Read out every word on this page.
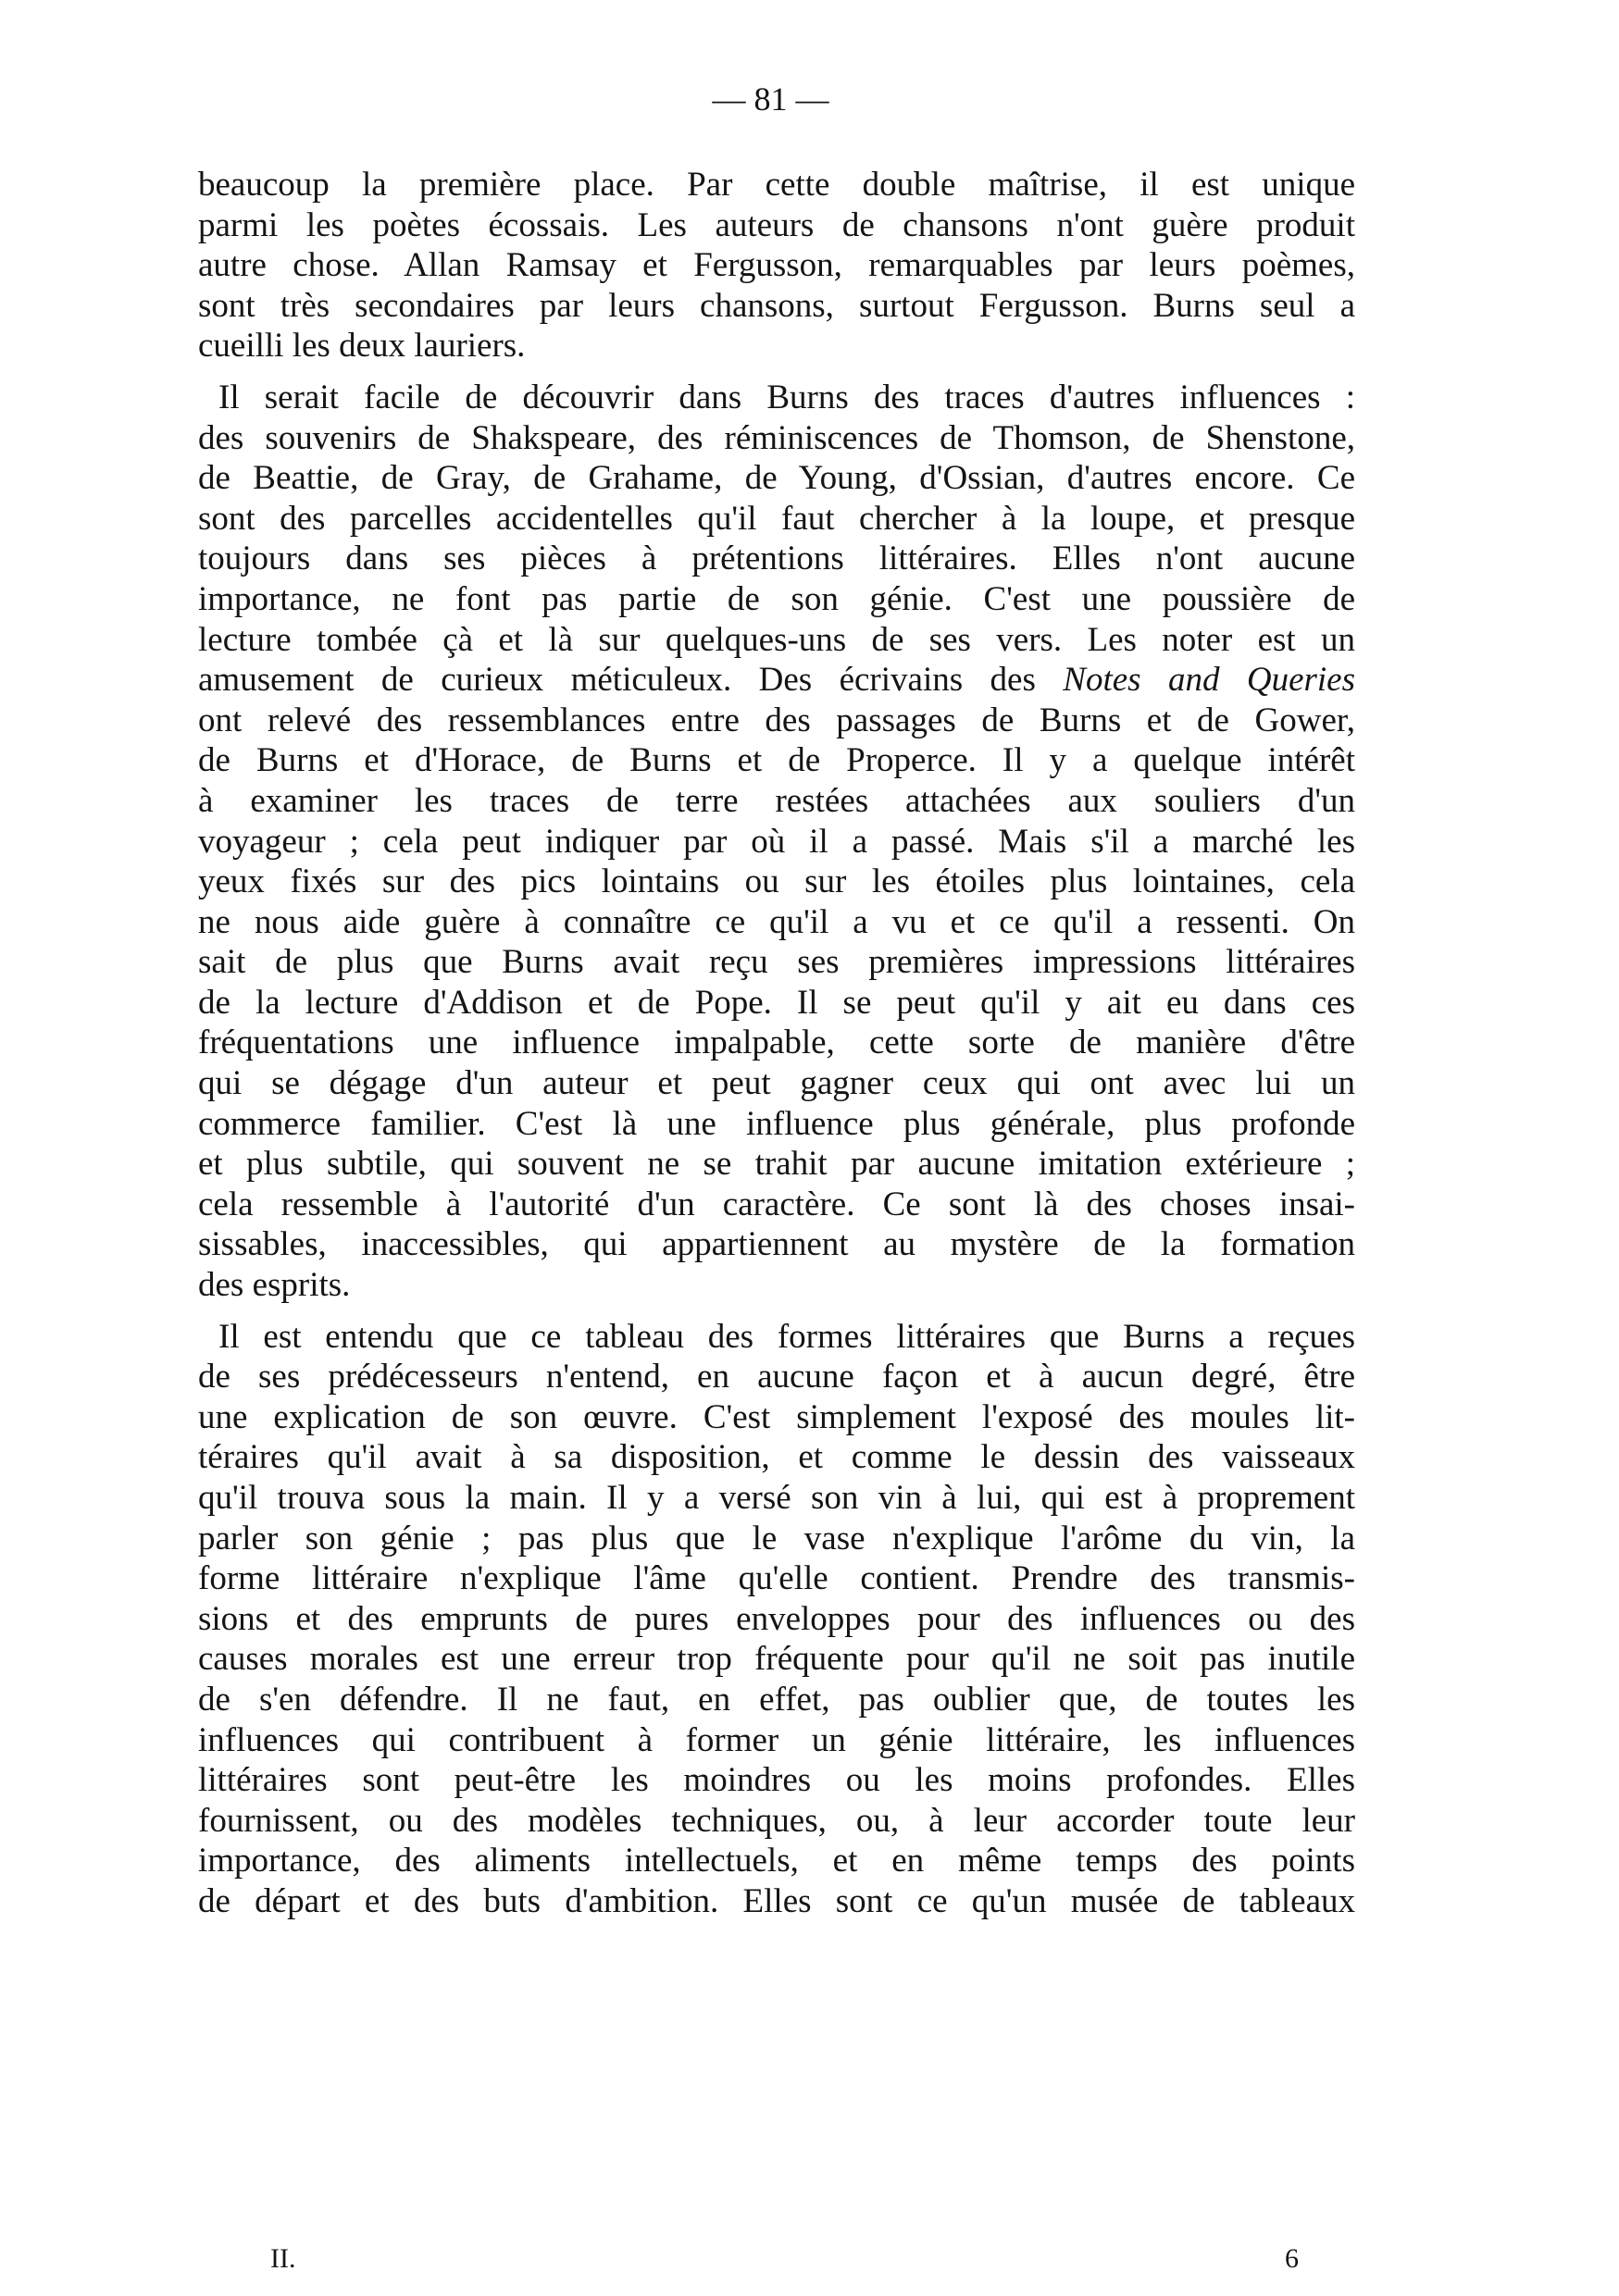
— 81 —
beaucoup la première place. Par cette double maîtrise, il est unique
parmi les poètes écossais. Les auteurs de chansons n'ont guère produit
autre chose. Allan Ramsay et Fergusson, remarquables par leurs poèmes,
sont très secondaires par leurs chansons, surtout Fergusson. Burns seul a
cueilli les deux lauriers.
Il serait facile de découvrir dans Burns des traces d'autres influences :
des souvenirs de Shakspeare, des réminiscences de Thomson, de Shenstone,
de Beattie, de Gray, de Grahame, de Young, d'Ossian, d'autres encore. Ce
sont des parcelles accidentelles qu'il faut chercher à la loupe, et presque
toujours dans ses pièces à prétentions littéraires. Elles n'ont aucune
importance, ne font pas partie de son génie. C'est une poussière de
lecture tombée çà et là sur quelques-uns de ses vers. Les noter est un
amusement de curieux méticuleux. Des écrivains des Notes and Queries
ont relevé des ressemblances entre des passages de Burns et de Gower,
de Burns et d'Horace, de Burns et de Properce. Il y a quelque intérêt
à examiner les traces de terre restées attachées aux souliers d'un
voyageur ; cela peut indiquer par où il a passé. Mais s'il a marché les
yeux fixés sur des pics lointains ou sur les étoiles plus lointaines, cela
ne nous aide guère à connaître ce qu'il a vu et ce qu'il a ressenti. On
sait de plus que Burns avait reçu ses premières impressions littéraires
de la lecture d'Addison et de Pope. Il se peut qu'il y ait eu dans ces
fréquentations une influence impalpable, cette sorte de manière d'être
qui se dégage d'un auteur et peut gagner ceux qui ont avec lui un
commerce familier. C'est là une influence plus générale, plus profonde
et plus subtile, qui souvent ne se trahit par aucune imitation extérieure ;
cela ressemble à l'autorité d'un caractère. Ce sont là des choses insai-
sissables, inaccessibles, qui appartiennent au mystère de la formation
des esprits.
Il est entendu que ce tableau des formes littéraires que Burns a reçues
de ses prédécesseurs n'entend, en aucune façon et à aucun degré, être
une explication de son œuvre. C'est simplement l'exposé des moules lit-
téraires qu'il avait à sa disposition, et comme le dessin des vaisseaux
qu'il trouva sous la main. Il y a versé son vin à lui, qui est à proprement
parler son génie ; pas plus que le vase n'explique l'arôme du vin, la
forme littéraire n'explique l'âme qu'elle contient. Prendre des transmis-
sions et des emprunts de pures enveloppes pour des influences ou des
causes morales est une erreur trop fréquente pour qu'il ne soit pas inutile
de s'en défendre. Il ne faut, en effet, pas oublier que, de toutes les
influences qui contribuent à former un génie littéraire, les influences
littéraires sont peut-être les moindres ou les moins profondes. Elles
fournissent, ou des modèles techniques, ou, à leur accorder toute leur
importance, des aliments intellectuels, et en même temps des points
de départ et des buts d'ambition. Elles sont ce qu'un musée de tableaux
II.	6
